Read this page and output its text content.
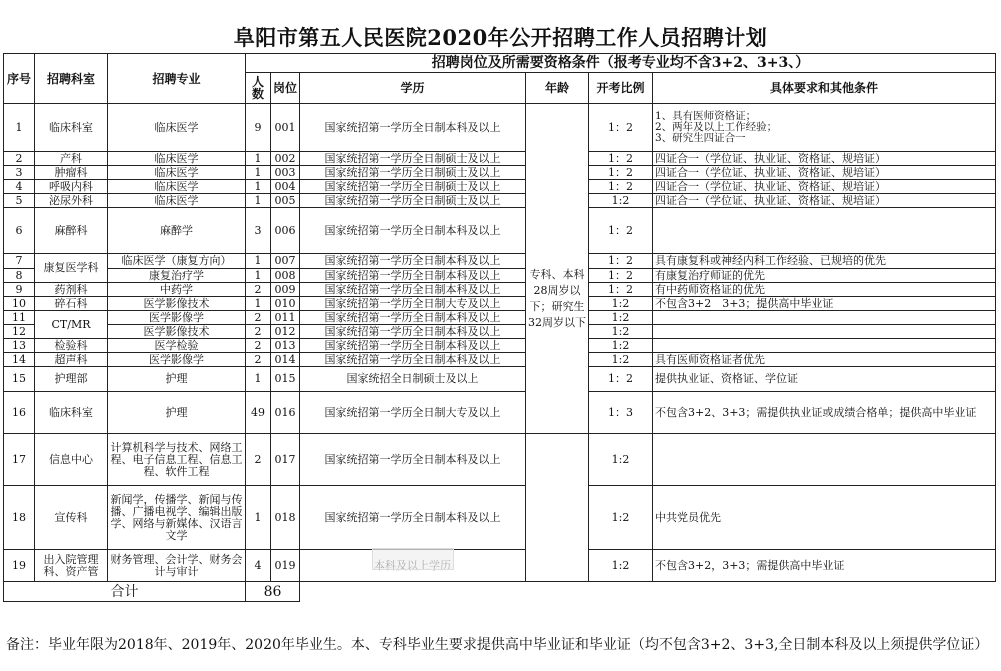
阜阳市第五人民医院2020年公开招聘工作人员招聘计划
序号	招聘科室	招聘专业	招聘岗位及所需要资格条件（报考专业均不含3+2、3+3、）					
			人数	岗位	学历	年龄	开考比例	具体要求和其他条件
1	临床科室	临床医学	9	001	国家统招第一学历全日制本科及以上	专科、本科28周岁以下；研究生32周岁以下	1：2	1、具有医师资格证；
2、两年及以上工作经验；
3、研究生四证合一
2	产科	临床医学	1	002	国家统招第一学历全日制硕士及以上		1：2	四证合一（学位证、执业证、资格证、规培证）
3	肿瘤科	临床医学	1	003	国家统招第一学历全日制硕士及以上		1：2	四证合一（学位证、执业证、资格证、规培证）
4	呼吸内科	临床医学	1	004	国家统招第一学历全日制硕士及以上		1：2	四证合一（学位证、执业证、资格证、规培证）
5	泌尿外科	临床医学	1	005	国家统招第一学历全日制硕士及以上		1:2	四证合一（学位证、执业证、资格证、规培证）
6	麻醉科	麻醉学	3	006	国家统招第一学历全日制本科及以上		1：2	
7	康复医学科	临床医学（康复方向）	1	007	国家统招第一学历全日制本科及以上		1：2	具有康复科或神经内科工作经验、已规培的优先
8		康复治疗学	1	008	国家统招第一学历全日制本科及以上		1：2	有康复治疗师证的优先
9	药剂科	中药学	2	009	国家统招第一学历全日制本科及以上		1：2	有中药师资格证的优先
10	碎石科	医学影像技术	1	010	国家统招第一学历全日制大专及以上		1:2	不包含3+2　3+3；提供高中毕业证
11	CT/MR	医学影像学	2	011	国家统招第一学历全日制本科及以上		1:2	
12		医学影像技术	2	012	国家统招第一学历全日制本科及以上		1:2	
13	检验科	医学检验	2	013	国家统招第一学历全日制本科及以上		1:2	
14	超声科	医学影像学	2	014	国家统招第一学历全日制本科及以上		1:2	具有医师资格证者优先
15	护理部	护理	1	015	国家统招全日制硕士及以上		1：2	提供执业证、资格证、学位证
16	临床科室	护理	49	016	国家统招第一学历全日制大专及以上		1：3	不包含3+2、3+3；需提供执业证或成绩合格单；提供高中毕业证
17	信息中心	计算机科学与技术、网络工程、电子信息工程、信息工程、软件工程	2	017	国家统招第一学历全日制本科及以上		1:2	
18	宣传科	新闻学，传播学、新闻与传播、广播电视学、编辑出版学、网络与新媒体、汉语言文学	1	018	国家统招第一学历全日制本科及以上		1:2	中共党员优先
19	出入院管理科、资产管	财务管理、会计学、财务会计与审计	4	019			1:2	不包含3+2，3+3；需提供高中毕业证
合计			86					
备注：毕业年限为2018年、2019年、2020年毕业生。本、专科毕业生要求提供高中毕业证和毕业证（均不包含3+2、3+3,全日制本科及以上须提供学位证）
